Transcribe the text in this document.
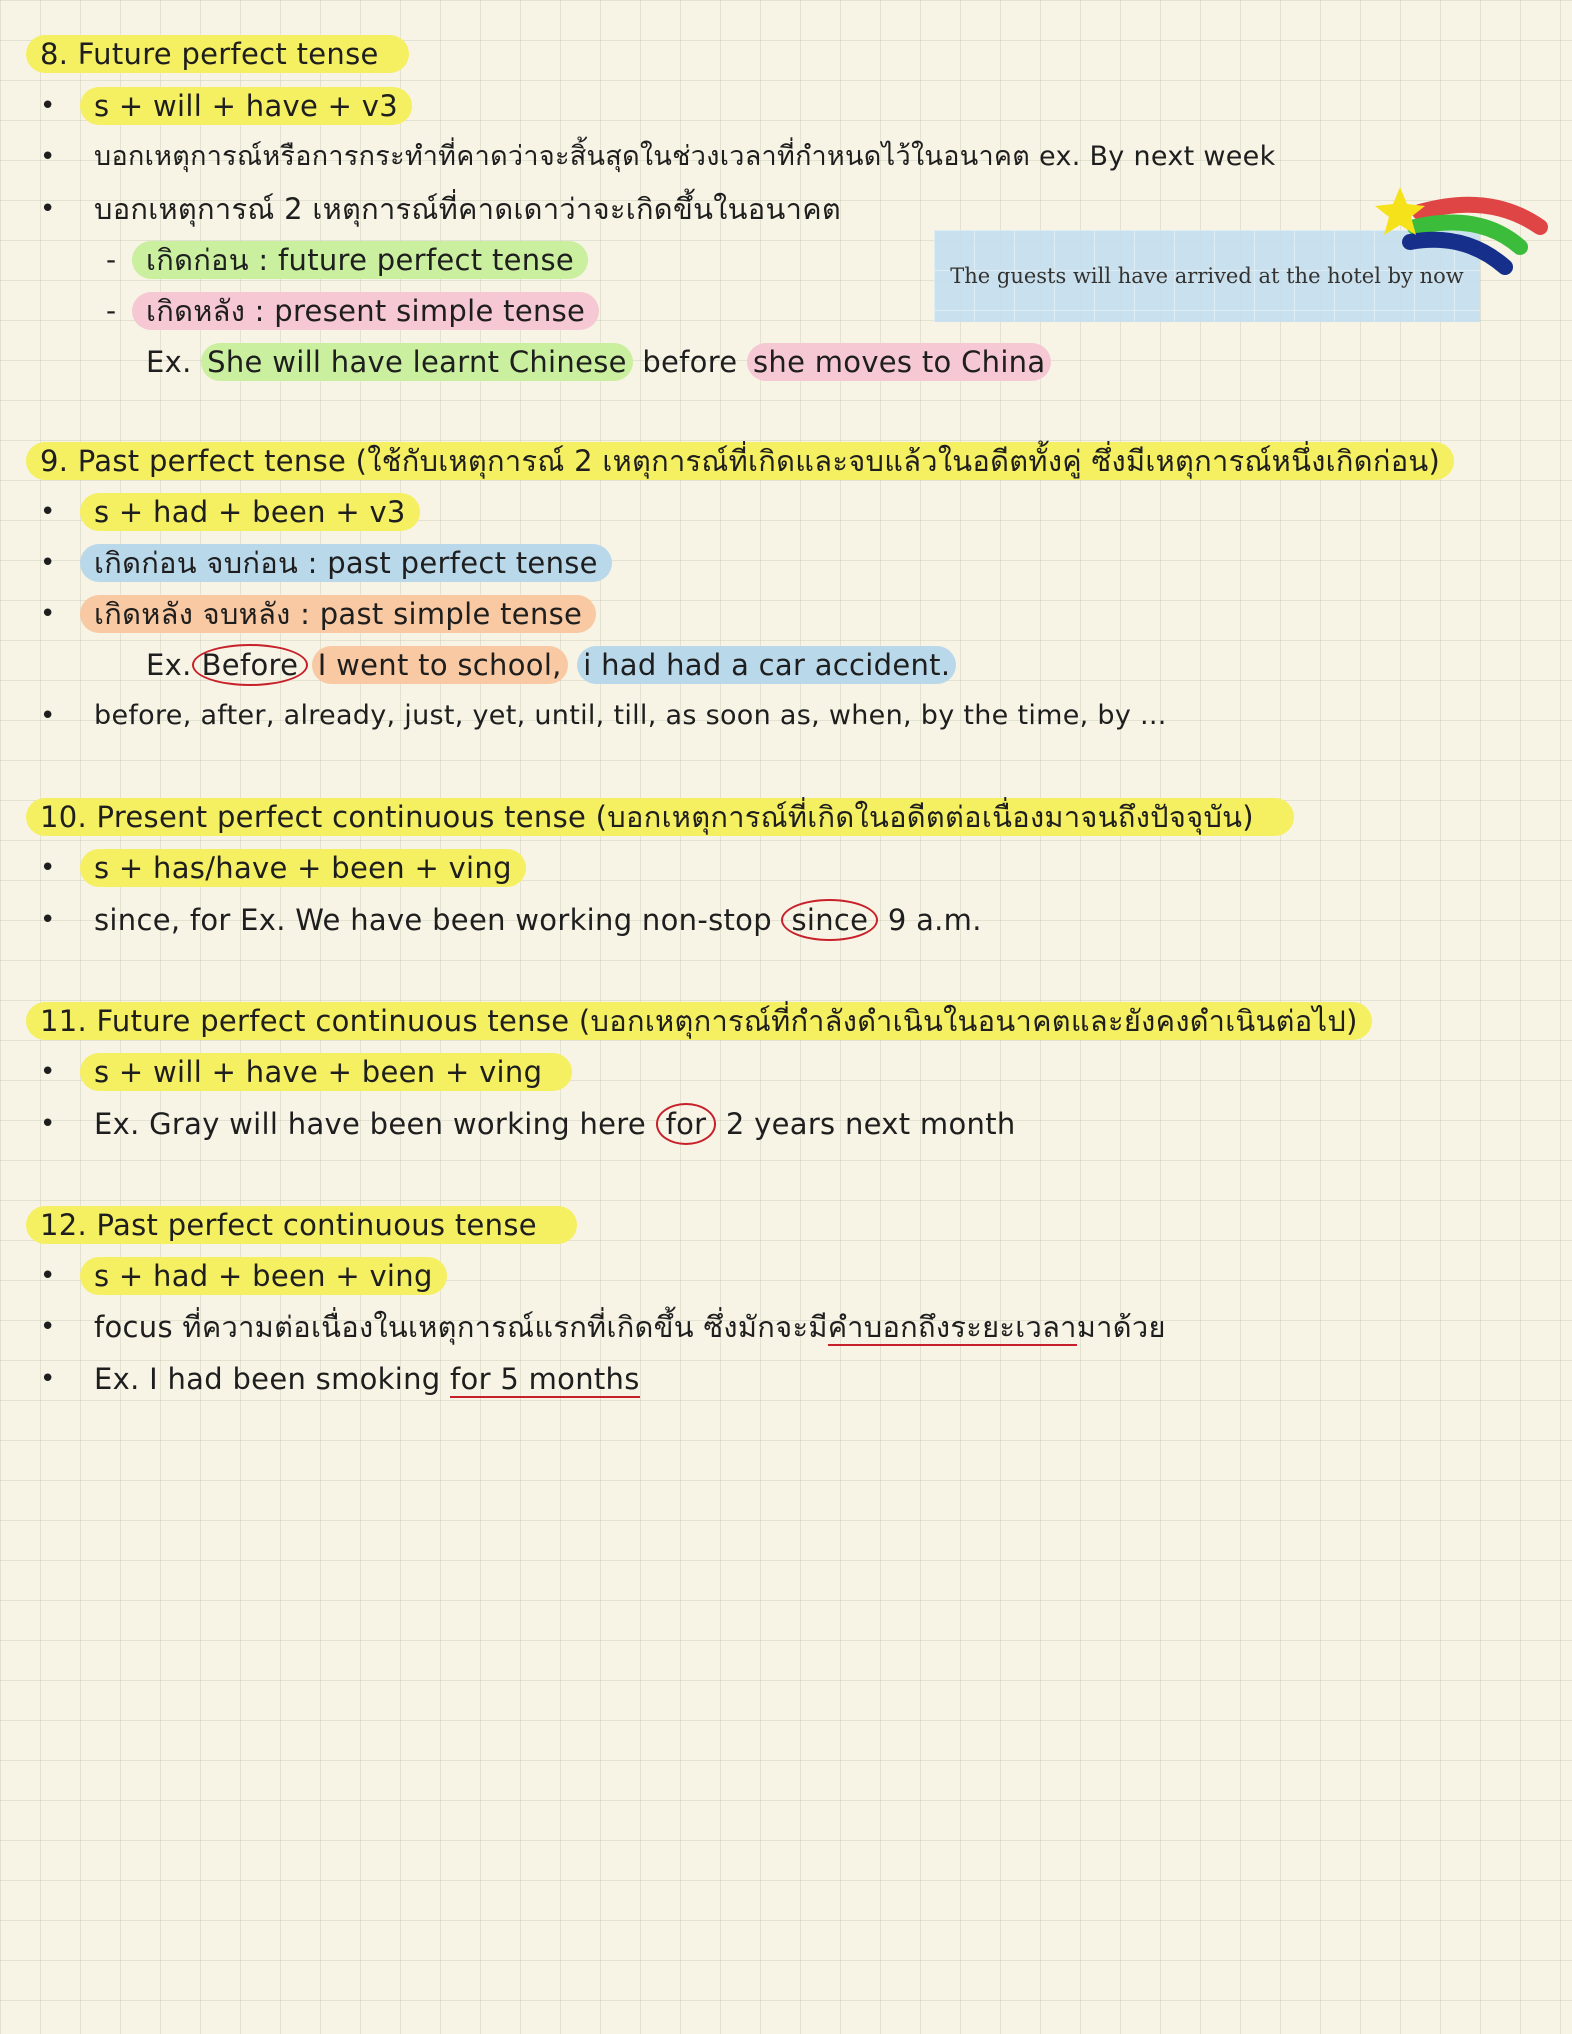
8. Future perfect tense
• s + will + have + v3
• บอกเหตุการณ์หรือการกระทำที่คาดว่าจะสิ้นสุดในช่วงเวลาที่กำหนดไว้ในอนาคต ex. By next week
• บอกเหตุการณ์ 2 เหตุการณ์ที่คาดเดาว่าจะเกิดขึ้นในอนาคต
- เกิดก่อน : future perfect tense
- เกิดหลัง : present simple tense
Ex. She will have learnt Chinese before she moves to China
The guests will have arrived at the hotel by now
9. Past perfect tense (ใช้กับเหตุการณ์ 2 เหตุการณ์ที่เกิดและจบแล้วในอดีตทั้งคู่ ซึ่งมีเหตุการณ์หนึ่งเกิดก่อน)
• s + had + been + v3
• เกิดก่อน จบก่อน : past perfect tense
• เกิดหลัง จบหลัง : past simple tense
Ex. Before I went to school, i had had a car accident.
• before, after, already, just, yet, until, till, as soon as, when, by the time, by ...
10. Present perfect continuous tense (บอกเหตุการณ์ที่เกิดในอดีตต่อเนื่องมาจนถึงปัจจุบัน)
• s + has/have + been + ving
• since, for Ex. We have been working non-stop since 9 a.m.
11. Future perfect continuous tense (บอกเหตุการณ์ที่กำลังดำเนินในอนาคตและยังคงดำเนินต่อไป)
• s + will + have + been + ving
• Ex. Gray will have been working here for 2 years next month
12. Past perfect continuous tense
• s + had + been + ving
• focus ที่ความต่อเนื่องในเหตุการณ์แรกที่เกิดขึ้น ซึ่งมักจะมีคำบอกถึงระยะเวลามาด้วย
• Ex. I had been smoking for 5 months
